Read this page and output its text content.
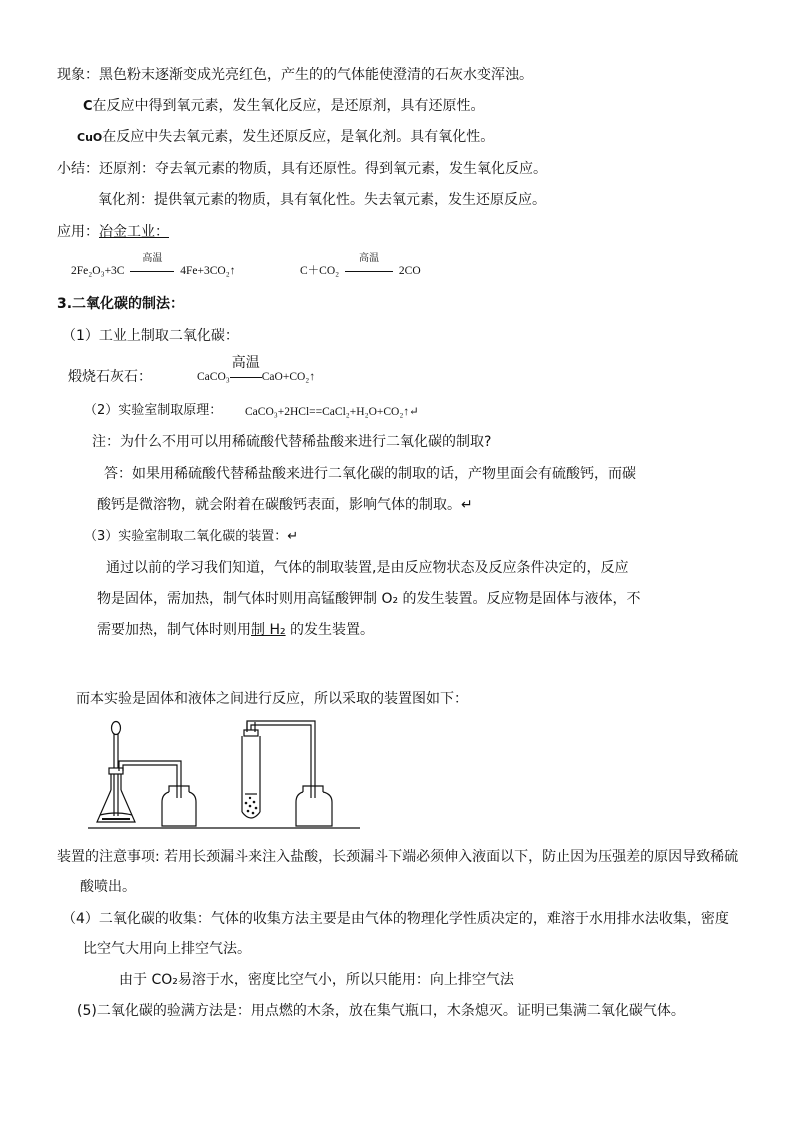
现象：黑色粉末逐渐变成光亮红色，产生的的气体能使澄清的石灰水变浑浊。
C在反应中得到氧元素，发生氧化反应，是还原剂，具有还原性。
CuO在反应中失去氧元素，发生还原反应，是氧化剂。具有氧化性。
小结：还原剂：夺去氧元素的物质，具有还原性。得到氧元素，发生氧化反应。
氧化剂：提供氧元素的物质，具有氧化性。失去氧元素，发生还原反应。
应用：冶金工业：
2Fe₂O₃+3C
高温
4Fe+3CO₂↑	C＋CO₂
高温
2CO
3.二氧化碳的制法：
（1）工业上制取二氧化碳：
煅烧石灰石：	CaCO₃
高温
CaO+CO₂↑
（2）实验室制取原理： CaCO₃+2HCl==CaCl₂+H₂O+CO₂↑↵
注：为什么不用可以用稀硫酸代替稀盐酸来进行二氧化碳的制取?
答：如果用稀硫酸代替稀盐酸来进行二氧化碳的制取的话，产物里面会有硫酸钙，而碳
酸钙是微溶物，就会附着在碳酸钙表面，影响气体的制取。↵
（3）实验室制取二氧化碳的装置：↵
通过以前的学习我们知道，气体的制取装置,是由反应物状态及反应条件决定的，反应
物是固体，需加热，制气体时则用高锰酸钾制 O₂ 的发生装置。反应物是固体与液体，不
需要加热，制气体时则用制 H₂ 的发生装置。
而本实验是固体和液体之间进行反应，所以采取的装置图如下：
装置的注意事项: 若用长颈漏斗来注入盐酸，长颈漏斗下端必须伸入液面以下，防止因为压强差的原因导致稀硫
酸喷出。
（4）二氧化碳的收集：气体的收集方法主要是由气体的物理化学性质决定的，难溶于水用排水法收集，密度
比空气大用向上排空气法。
由于 CO₂易溶于水，密度比空气小，所以只能用：向上排空气法
(5)二氧化碳的验满方法是：用点燃的木条，放在集气瓶口，木条熄灭。证明已集满二氧化碳气体。
